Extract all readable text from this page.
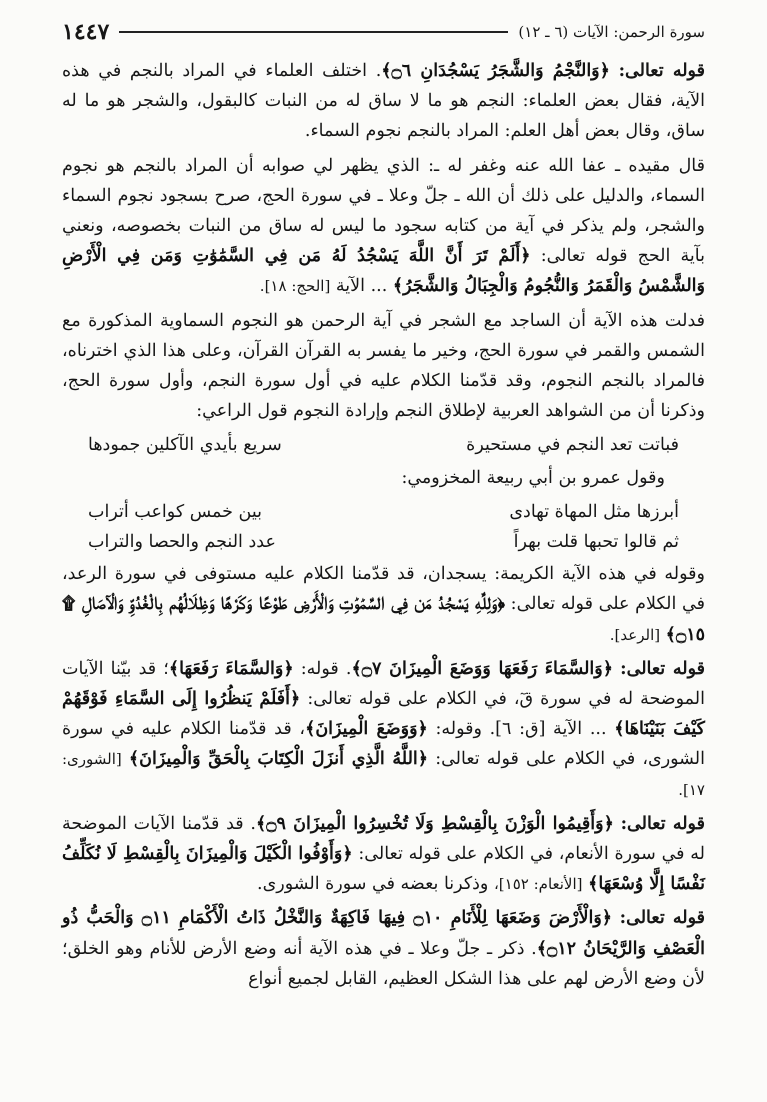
سورة الرحمن: الآيات (٦ ـ ١٢)
١٤٤٧

قوله تعالى: ﴿وَالنَّجْمُ وَالشَّجَرُ يَسْجُدَانِ ۝٦﴾. اختلف العلماء في المراد بالنجم في هذه الآية، فقال بعض العلماء: النجم هو ما لا ساق له من النبات كالبقول، والشجر هو ما له ساق، وقال بعض أهل العلم: المراد بالنجم نجوم السماء.

قال مقيده ـ عفا الله عنه وغفر له ـ: الذي يظهر لي صوابه أن المراد بالنجم هو نجوم السماء، والدليل على ذلك أن الله ـ جلّ وعلا ـ في سورة الحج، صرح بسجود نجوم السماء والشجر، ولم يذكر في آية من كتابه سجود ما ليس له ساق من النبات بخصوصه، ونعني بآية الحج قوله تعالى: ﴿أَلَمْ تَرَ أَنَّ اللَّهَ يَسْجُدُ لَهُ مَن فِي السَّمَٰوَٰتِ وَمَن فِي الْأَرْضِ وَالشَّمْسُ وَالْقَمَرُ وَالنُّجُومُ وَالْجِبَالُ وَالشَّجَرُ﴾ ... الآية [الحج: ١٨].

فدلت هذه الآية أن الساجد مع الشجر في آية الرحمن هو النجوم السماوية المذكورة مع الشمس والقمر في سورة الحج، وخير ما يفسر به القرآن القرآن، وعلى هذا الذي اخترناه، فالمراد بالنجم النجوم، وقد قدّمنا الكلام عليه في أول سورة النجم، وأول سورة الحج، وذكرنا أن من الشواهد العربية لإطلاق النجم وإرادة النجوم قول الراعي:

فباتت تعد النجم في مستحيرة
سريع بأيدي الآكلين جمودها

وقول عمرو بن أبي ربيعة المخزومي:

أبرزها مثل المهاة تهادى
بين خمس كواعب أتراب
ثم قالوا تحبها قلت بهراً
عدد النجم والحصا والتراب

وقوله في هذه الآية الكريمة: يسجدان، قد قدّمنا الكلام عليه مستوفى في سورة الرعد، في الكلام على قوله تعالى: ﴿وَلِلَّهِ يَسْجُدُ مَن فِي السَّمَٰوَٰتِ وَالْأَرْضِ طَوْعًا وَكَرْهًا وَظِلَالُهُم بِالْغُدُوِّ وَالْآصَالِ ۩ ۝١٥﴾ [الرعد].

قوله تعالى: ﴿وَالسَّمَاءَ رَفَعَهَا وَوَضَعَ الْمِيزَانَ ۝٧﴾. قوله: ﴿وَالسَّمَاءَ رَفَعَهَا﴾؛ قد بيّنا الآيات الموضحة له في سورة قٓ، في الكلام على قوله تعالى: ﴿أَفَلَمْ يَنظُرُوا إِلَى السَّمَاءِ فَوْقَهُمْ كَيْفَ بَنَيْنَاهَا﴾ ... الآية [ق: ٦]. وقوله: ﴿وَوَضَعَ الْمِيزَانَ﴾، قد قدّمنا الكلام عليه في سورة الشورى، في الكلام على قوله تعالى: ﴿اللَّهُ الَّذِي أَنزَلَ الْكِتَابَ بِالْحَقِّ وَالْمِيزَانَ﴾ [الشورى: ١٧].

قوله تعالى: ﴿وَأَقِيمُوا الْوَزْنَ بِالْقِسْطِ وَلَا تُخْسِرُوا الْمِيزَانَ ۝٩﴾. قد قدّمنا الآيات الموضحة له في سورة الأنعام، في الكلام على قوله تعالى: ﴿وَأَوْفُوا الْكَيْلَ وَالْمِيزَانَ بِالْقِسْطِ لَا نُكَلِّفُ نَفْسًا إِلَّا وُسْعَهَا﴾ [الأنعام: ١٥٢]، وذكرنا بعضه في سورة الشورى.

قوله تعالى: ﴿وَالْأَرْضَ وَضَعَهَا لِلْأَنَامِ ۝١٠ فِيهَا فَاكِهَةٌ وَالنَّخْلُ ذَاتُ الْأَكْمَامِ ۝١١ وَالْحَبُّ ذُو الْعَصْفِ وَالرَّيْحَانُ ۝١٢﴾. ذكر ـ جلّ وعلا ـ في هذه الآية أنه وضع الأرض للأنام وهو الخلق؛ لأن وضع الأرض لهم على هذا الشكل العظيم، القابل لجميع أنواع
